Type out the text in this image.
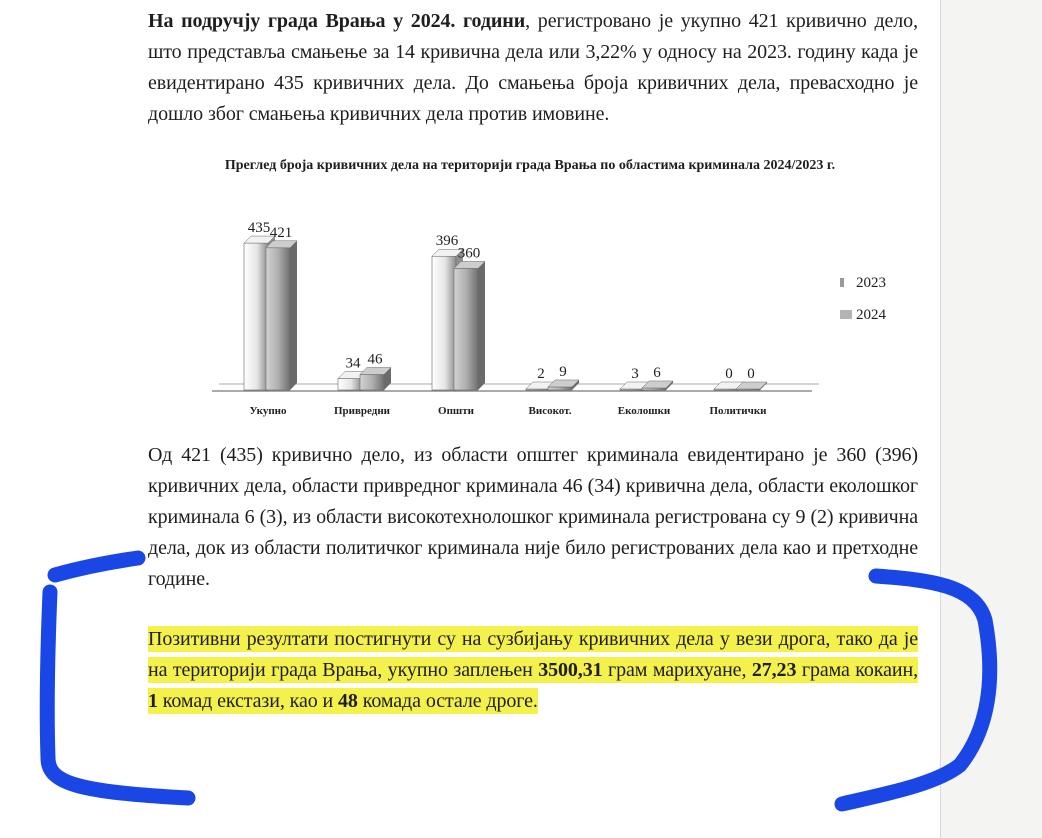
На подручју града Врања у 2024. години, регистровано је укупно 421 кривично дело, што представља смањење за 14 кривична дела или 3,22% у односу на 2023. годину када је евидентирано 435 кривичних дела. До смањења броја кривичних дела, превасходно је дошло због смањења кривичних дела против имовине.

Преглед броја кривичних дела на територији града Врања по областима криминала 2024/2023 г.

435 421
Укупно
34 46
Привредни
396
360
Општи
2 9
Високот.
3 6
Еколошки
0 0
Политички
2023
2024

Од 421 (435) кривично дело, из области општег криминала евидентирано је 360 (396) кривичних дела, области привредног криминала 46 (34) кривична дела, области еколошког криминала 6 (3), из области високотехнолошког криминала регистрована су 9 (2) кривична дела, док из области политичког криминала није било регистрованих дела као и претходне године.

Позитивни резултати постигнути су на сузбијању кривичних дела у вези дрога, тако да је на територији града Врања, укупно заплењен 3500,31 грам марихуане, 27,23 грама кокаин, 1 комад екстази, као и 48 комада остале дроге.
